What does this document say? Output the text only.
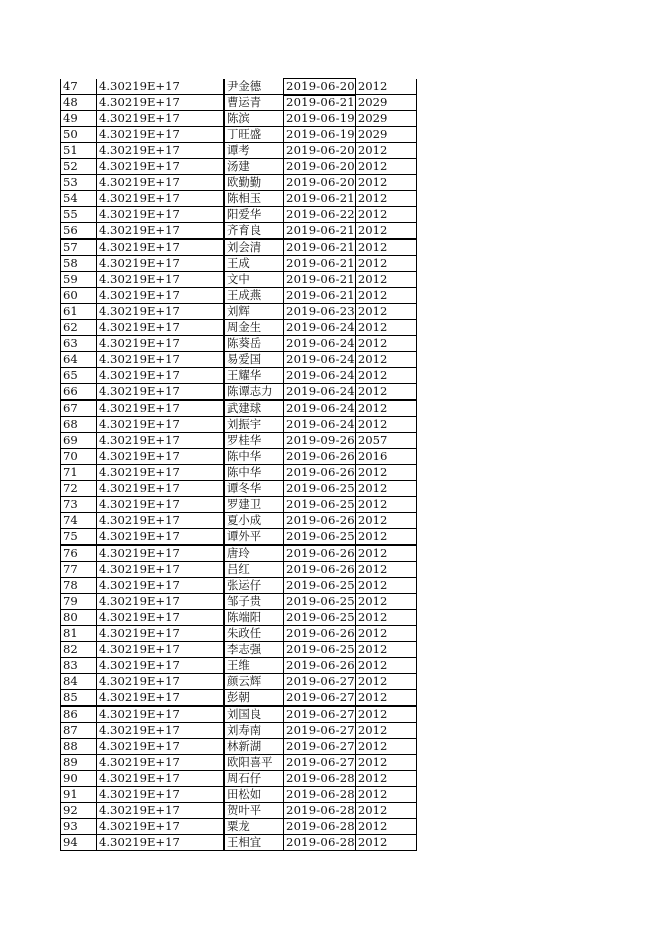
47	4.30219E+17	尹金德	2019-06-20	2012
48	4.30219E+17	曹运青	2019-06-21	2029
49	4.30219E+17	陈滨	2019-06-19	2029
50	4.30219E+17	丁旺盛	2019-06-19	2029
51	4.30219E+17	谭考	2019-06-20	2012
52	4.30219E+17	汤建	2019-06-20	2012
53	4.30219E+17	欧勤勤	2019-06-20	2012
54	4.30219E+17	陈相玉	2019-06-21	2012
55	4.30219E+17	阳爱华	2019-06-22	2012
56	4.30219E+17	齐育良	2019-06-21	2012
57	4.30219E+17	刘会清	2019-06-21	2012
58	4.30219E+17	王成	2019-06-21	2012
59	4.30219E+17	文中	2019-06-21	2012
60	4.30219E+17	王成燕	2019-06-21	2012
61	4.30219E+17	刘辉	2019-06-23	2012
62	4.30219E+17	周金生	2019-06-24	2012
63	4.30219E+17	陈葵岳	2019-06-24	2012
64	4.30219E+17	易爱国	2019-06-24	2012
65	4.30219E+17	王耀华	2019-06-24	2012
66	4.30219E+17	陈谭志力	2019-06-24	2012
67	4.30219E+17	武建球	2019-06-24	2012
68	4.30219E+17	刘振宇	2019-06-24	2012
69	4.30219E+17	罗桂华	2019-09-26	2057
70	4.30219E+17	陈中华	2019-06-26	2016
71	4.30219E+17	陈中华	2019-06-26	2012
72	4.30219E+17	谭冬华	2019-06-25	2012
73	4.30219E+17	罗建卫	2019-06-25	2012
74	4.30219E+17	夏小成	2019-06-26	2012
75	4.30219E+17	谭外平	2019-06-25	2012
76	4.30219E+17	唐玲	2019-06-26	2012
77	4.30219E+17	吕红	2019-06-26	2012
78	4.30219E+17	张运仔	2019-06-25	2012
79	4.30219E+17	邹子贵	2019-06-25	2012
80	4.30219E+17	陈端阳	2019-06-25	2012
81	4.30219E+17	朱政任	2019-06-26	2012
82	4.30219E+17	李志强	2019-06-25	2012
83	4.30219E+17	王维	2019-06-26	2012
84	4.30219E+17	颜云辉	2019-06-27	2012
85	4.30219E+17	彭朝	2019-06-27	2012
86	4.30219E+17	刘国良	2019-06-27	2012
87	4.30219E+17	刘寿南	2019-06-27	2012
88	4.30219E+17	林新湖	2019-06-27	2012
89	4.30219E+17	欧阳喜平	2019-06-27	2012
90	4.30219E+17	周石仔	2019-06-28	2012
91	4.30219E+17	田松如	2019-06-28	2012
92	4.30219E+17	贺叶平	2019-06-28	2012
93	4.30219E+17	粟龙	2019-06-28	2012
94	4.30219E+17	王相宜	2019-06-28	2012
